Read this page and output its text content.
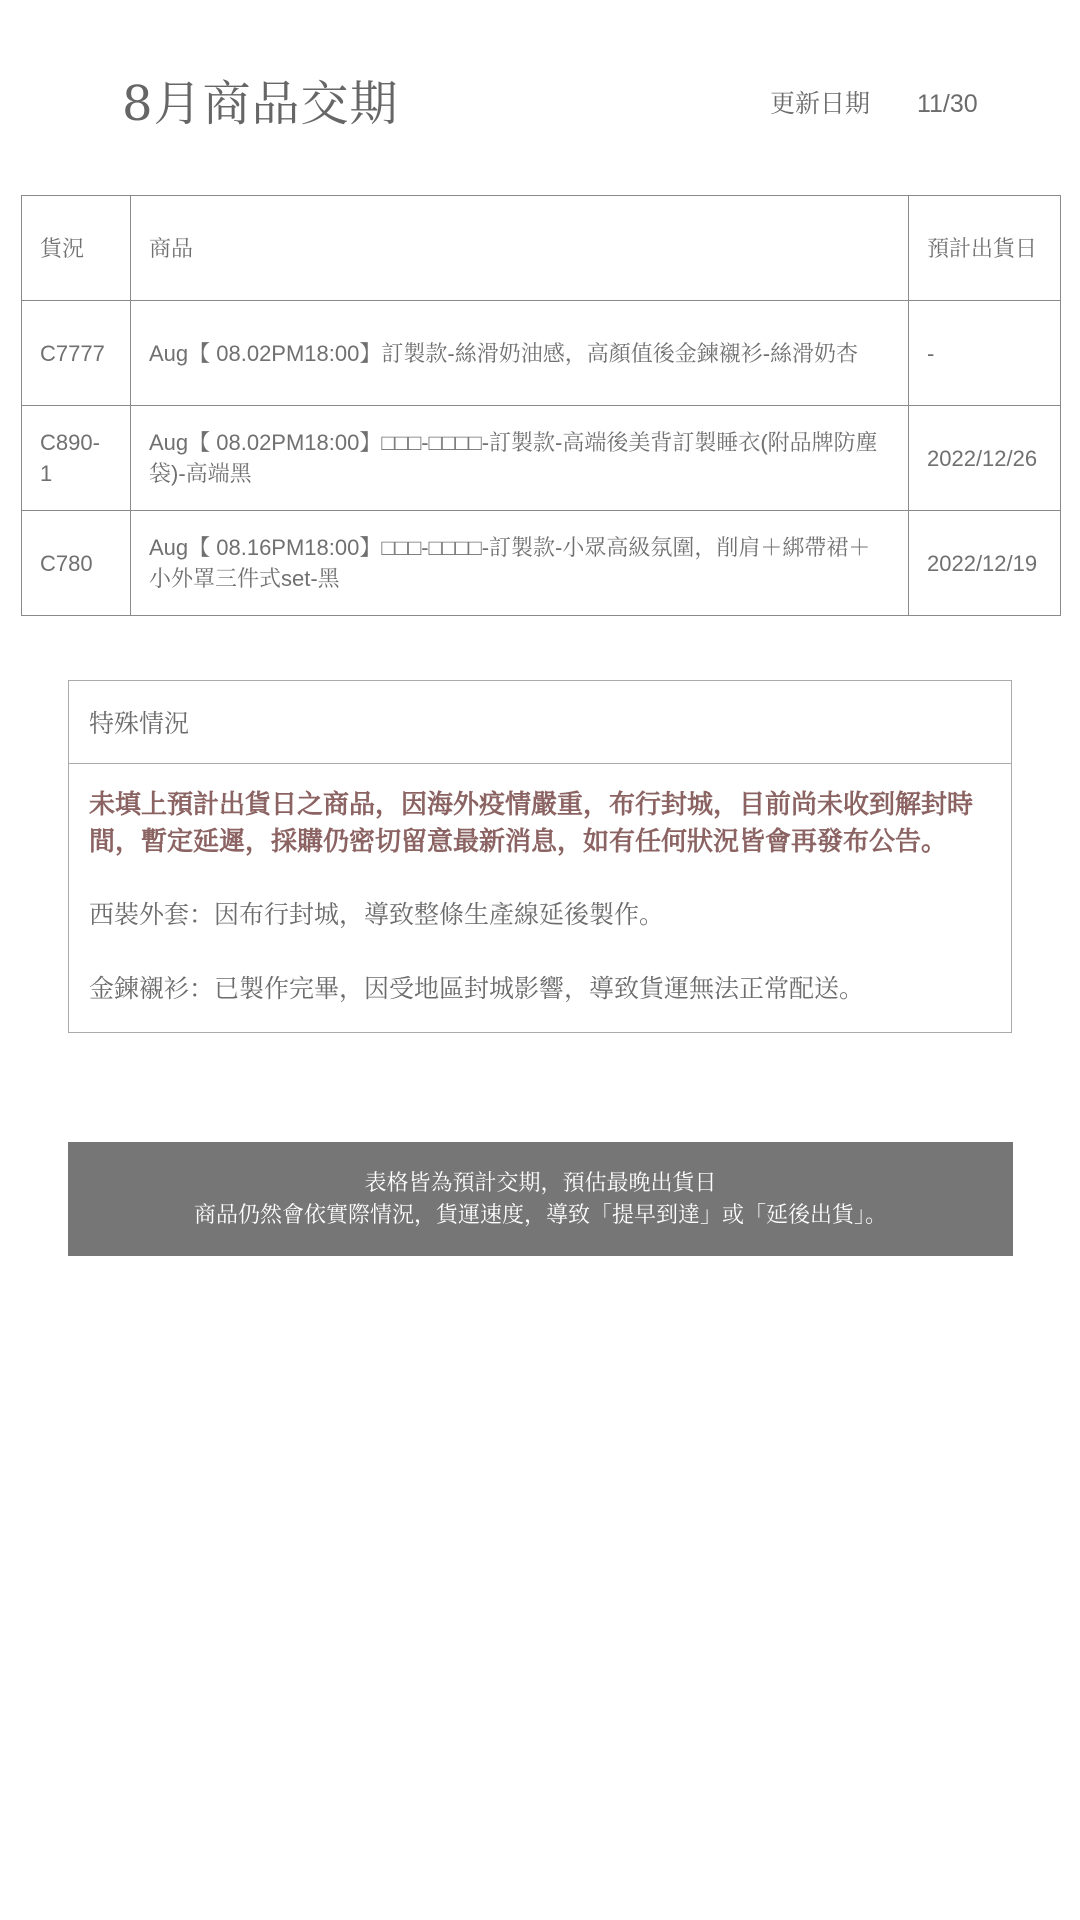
8月商品交期	更新日期 11/30
貨況	商品	預計出貨日
C7777	Aug【 08.02PM18:00】訂製款-絲滑奶油感，高顏值後金鍊襯衫-絲滑奶杏	-
C890-1	Aug【 08.02PM18:00】□□□-□□□□-訂製款-高端後美背訂製睡衣(附品牌防塵袋)-高端黑	2022/12/26
C780	Aug【 08.16PM18:00】□□□-□□□□-訂製款-小眾高級氛圍，削肩＋綁帶裙＋小外罩三件式set-黑	2022/12/19
特殊情況

未填上預計出貨日之商品，因海外疫情嚴重，布行封城，目前尚未收到解封時間，暫定延遲，採購仍密切留意最新消息，如有任何狀況皆會再發布公告。

西裝外套：因布行封城，導致整條生產線延後製作。

金鍊襯衫：已製作完畢，因受地區封城影響，導致貨運無法正常配送。

表格皆為預計交期，預估最晚出貨日
商品仍然會依實際情況，貨運速度，導致「提早到達」或「延後出貨」。
